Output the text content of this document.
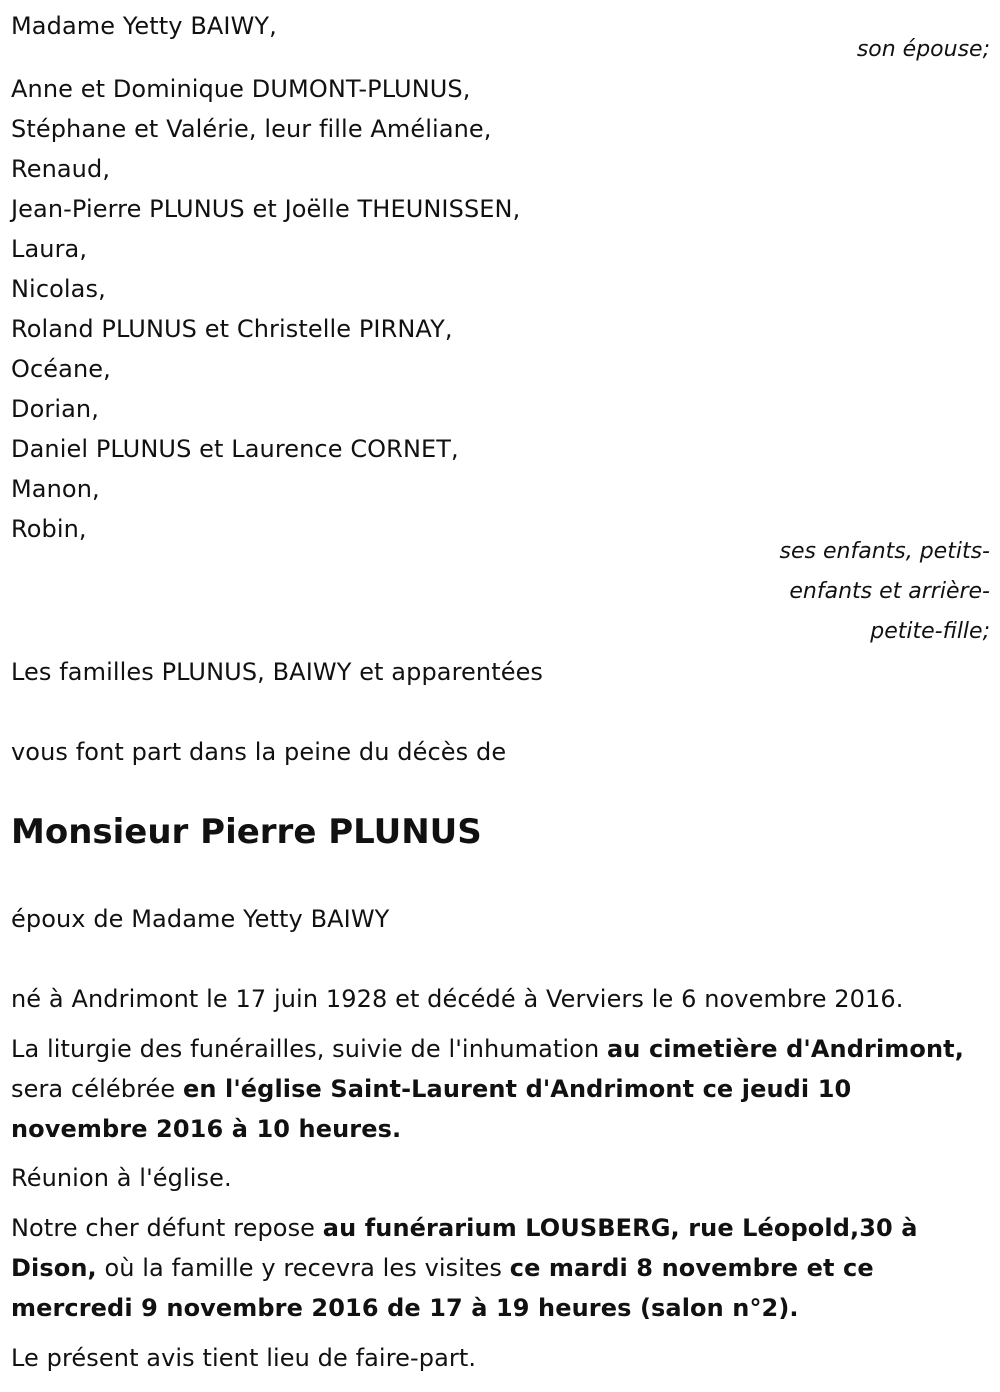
Madame Yetty BAIWY,
son épouse;
Anne et Dominique DUMONT-PLUNUS,
Stéphane et Valérie, leur fille Améliane,
Renaud,
Jean-Pierre PLUNUS et Joëlle THEUNISSEN,
Laura,
Nicolas,
Roland PLUNUS et Christelle PIRNAY,
Océane,
Dorian,
Daniel PLUNUS et Laurence CORNET,
Manon,
Robin,
ses enfants, petits-
enfants et arrière-
petite-fille;
Les familles PLUNUS, BAIWY et apparentées
vous font part dans la peine du décès de
Monsieur Pierre PLUNUS
époux de Madame Yetty BAIWY
né à Andrimont le 17 juin 1928 et décédé à Verviers le 6 novembre 2016.
La liturgie des funérailles, suivie de l'inhumation au cimetière d'Andrimont, sera célébrée en l'église Saint-Laurent d'Andrimont ce jeudi 10 novembre 2016 à 10 heures.
Réunion à l'église.
Notre cher défunt repose au funérarium LOUSBERG, rue Léopold,30 à Dison, où la famille y recevra les visites ce mardi 8 novembre et ce mercredi 9 novembre 2016 de 17 à 19 heures (salon n°2).
Le présent avis tient lieu de faire-part.
